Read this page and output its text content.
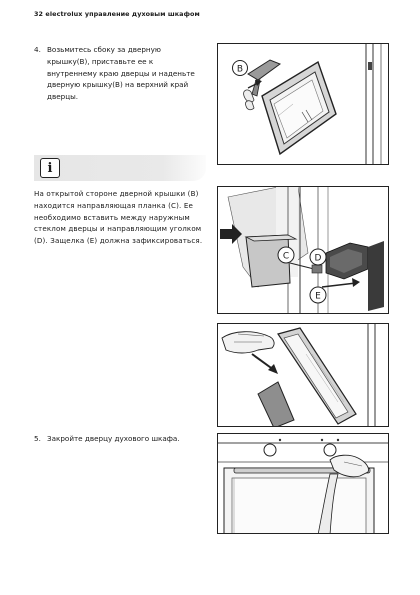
32 electrolux управление духовым шкафом
4. Возьмитесь сбоку за дверную крышку(B), приставьте ее к внутреннему краю дверцы и наденьте дверную крышку(B) на верхний край дверцы.
B
i
На открытой стороне дверной крышки (B) находится направляющая планка (C). Ее необходимо вставить между наружным стеклом дверцы и направляющим уголком (D). Защелка (E) должна зафиксироваться.
C	D
E
5. Закройте дверцу духового шкафа.
